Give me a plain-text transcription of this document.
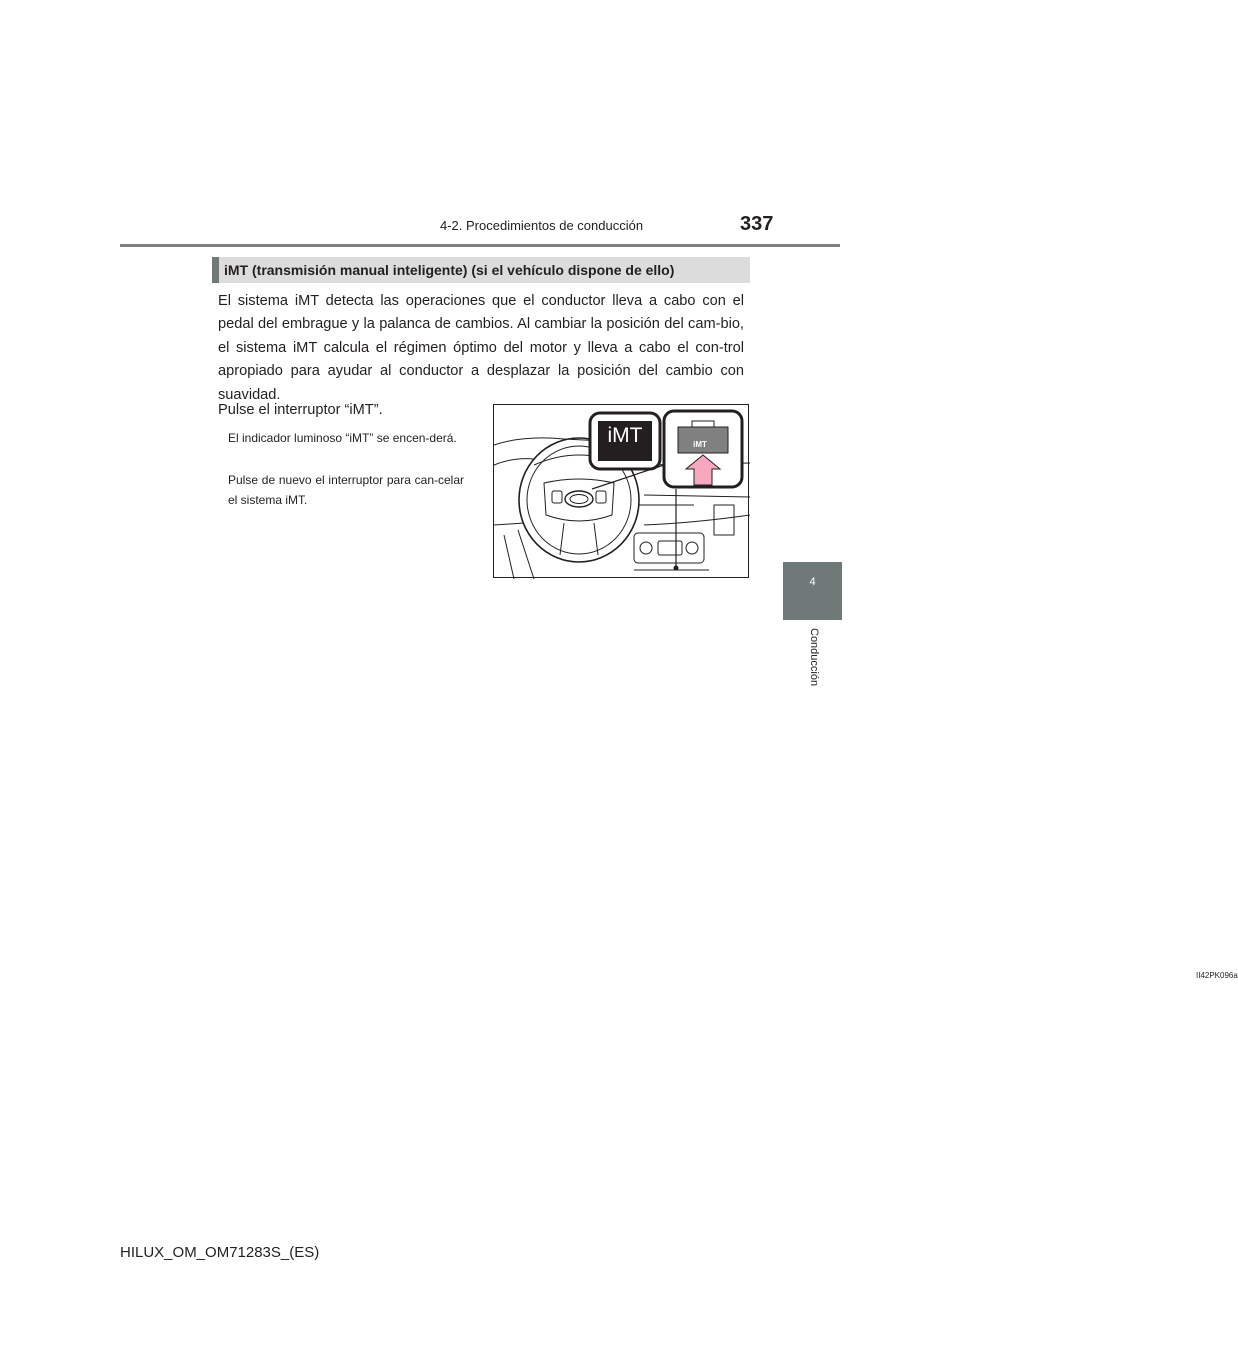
4-2. Procedimientos de conducción	337
4
Conducción
iMT (transmisión manual inteligente) (si el vehículo dispone de ello)

El sistema iMT detecta las operaciones que el conductor lleva a cabo con el pedal del embrague y la palanca de cambios. Al cambiar la posición del cam-bio, el sistema iMT calcula el régimen óptimo del motor y lleva a cabo el con-trol apropiado para ayudar al conductor a desplazar la posición del cambio con suavidad.

Pulse el interruptor “iMT”.

El indicador luminoso “iMT” se encen-derá.

Pulse de nuevo el interruptor para can-celar el sistema iMT.

II42PK096a
iMT	iMT
HILUX_OM_OM71283S_(ES)
